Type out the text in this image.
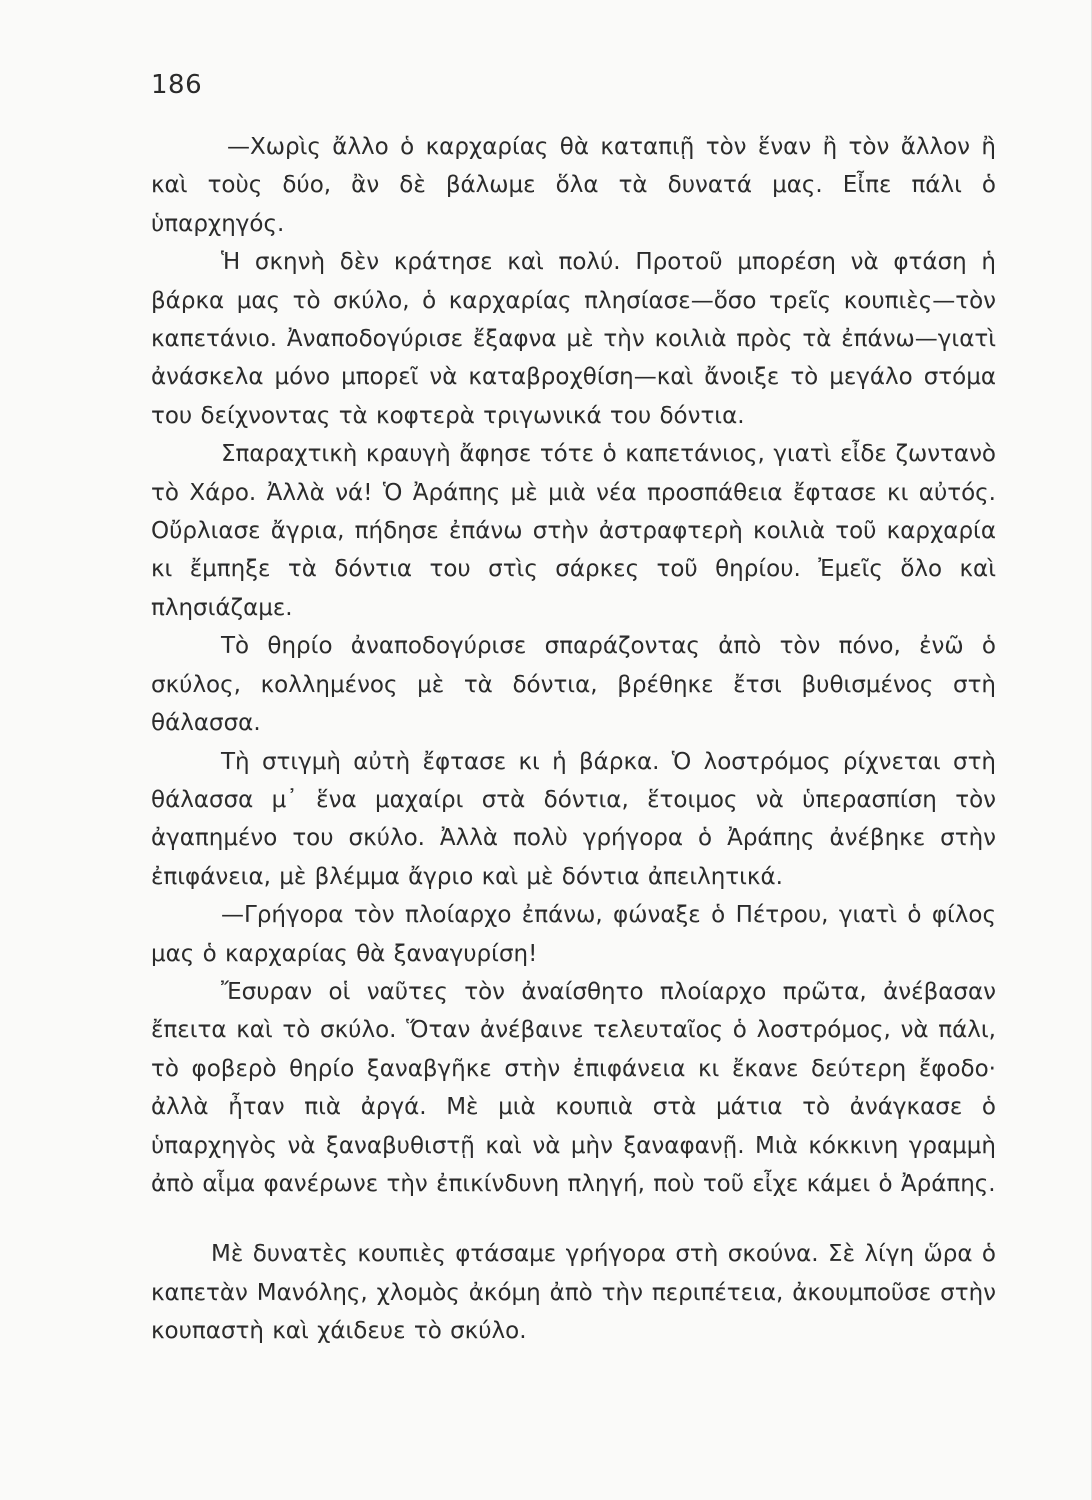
186

—Χωρὶς ἄλλο ὁ καρχαρίας θὰ καταπιῇ τὸν ἕναν ἢ τὸν ἄλλον ἢ καὶ τοὺς δύο, ἂν δὲ βάλωμε ὅλα τὰ δυνατά μας. Εἶπε πάλι ὁ ὑπαρχηγός.

Ἡ σκηνὴ δὲν κράτησε καὶ πολύ. Προτοῦ μπορέση νὰ φτάση ἡ βάρκα μας τὸ σκύλο, ὁ καρχαρίας πλησίασε—ὅσο τρεῖς κουπιὲς—τὸν καπετάνιο. Ἀναποδογύρισε ἔξαφνα μὲ τὴν κοιλιὰ πρὸς τὰ ἐπάνω—γιατὶ ἀνάσκελα μόνο μπορεῖ νὰ καταβροχθίση—καὶ ἄνοιξε τὸ μεγάλο στόμα του δείχνοντας τὰ κοφτερὰ τριγωνικά του δόντια.

Σπαραχτικὴ κραυγὴ ἄφησε τότε ὁ καπετάνιος, γιατὶ εἶδε ζωντανὸ τὸ Χάρο. Ἀλλὰ νά! Ὁ Ἀράπης μὲ μιὰ νέα προσπάθεια ἔφτασε κι αὐτός. Οὔρλιασε ἄγρια, πήδησε ἐπάνω στὴν ἀστραφτερὴ κοιλιὰ τοῦ καρχαρία κι ἔμπηξε τὰ δόντια του στὶς σάρκες τοῦ θηρίου. Ἐμεῖς ὅλο καὶ πλησιάζαμε.

Τὸ θηρίο ἀναποδογύρισε σπαράζοντας ἀπὸ τὸν πόνο, ἐνῶ ὁ σκύλος, κολλημένος μὲ τὰ δόντια, βρέθηκε ἔτσι βυθισμένος στὴ θάλασσα.

Τὴ στιγμὴ αὐτὴ ἔφτασε κι ἡ βάρκα. Ὁ λοστρόμος ρίχνεται στὴ θάλασσα μ᾽ ἕνα μαχαίρι στὰ δόντια, ἕτοιμος νὰ ὑπερασπίση τὸν ἀγαπημένο του σκύλο. Ἀλλὰ πολὺ γρήγορα ὁ Ἀράπης ἀνέβηκε στὴν ἐπιφάνεια, μὲ βλέμμα ἄγριο καὶ μὲ δόντια ἀπειλητικά.

—Γρήγορα τὸν πλοίαρχο ἐπάνω, φώναξε ὁ Πέτρου, γιατὶ ὁ φίλος μας ὁ καρχαρίας θὰ ξαναγυρίση!

Ἔσυραν οἱ ναῦτες τὸν ἀναίσθητο πλοίαρχο πρῶτα, ἀνέβασαν ἔπειτα καὶ τὸ σκύλο. Ὅταν ἀνέβαινε τελευταῖος ὁ λοστρόμος, νὰ πάλι, τὸ φοβερὸ θηρίο ξαναβγῆκε στὴν ἐπιφάνεια κι ἔκανε δεύτερη ἔφοδο· ἀλλὰ ἦταν πιὰ ἀργά. Μὲ μιὰ κουπιὰ στὰ μάτια τὸ ἀνάγκασε ὁ ὑπαρχηγὸς νὰ ξαναβυθιστῇ καὶ νὰ μὴν ξαναφανῇ. Μιὰ κόκκινη γραμμὴ ἀπὸ αἷμα φανέρωνε τὴν ἐπικίνδυνη πληγή, ποὺ τοῦ εἶχε κάμει ὁ Ἀράπης.

Μὲ δυνατὲς κουπιὲς φτάσαμε γρήγορα στὴ σκούνα. Σὲ λίγη ὥρα ὁ καπετὰν Μανόλης, χλομὸς ἀκόμη ἀπὸ τὴν περιπέτεια, ἀκουμποῦσε στὴν κουπαστὴ καὶ χάιδευε τὸ σκύλο.
